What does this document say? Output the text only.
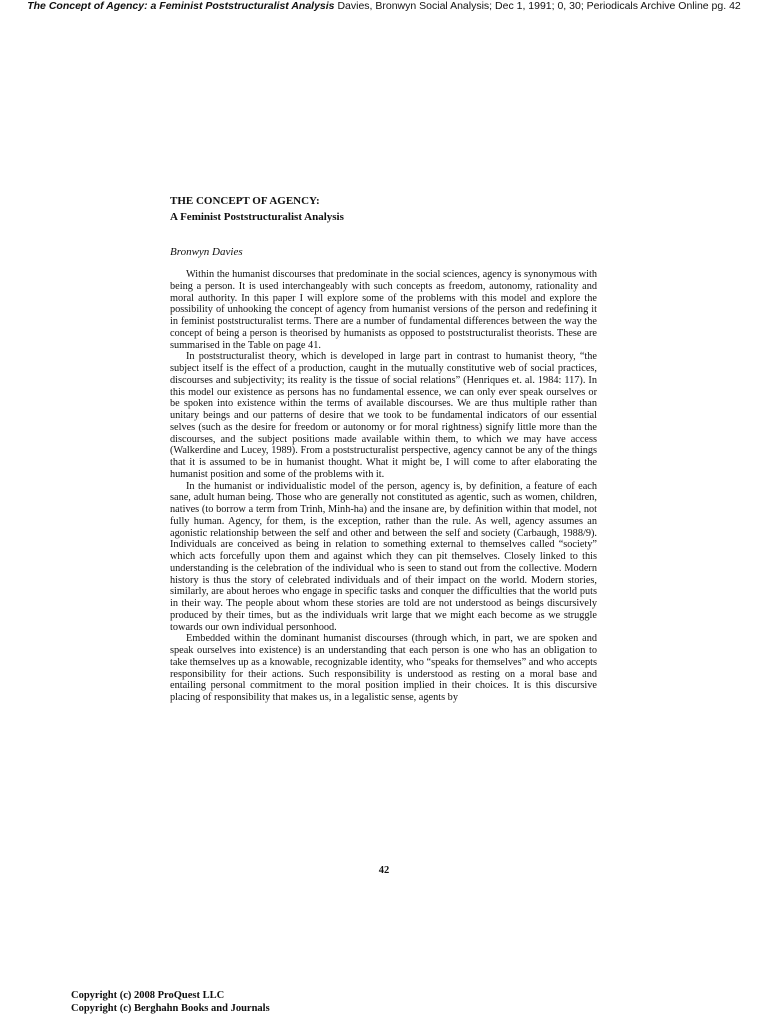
The Concept of Agency: a Feminist Poststructuralist Analysis Davies, Bronwyn Social Analysis; Dec 1, 1991; 0, 30; Periodicals Archive Online pg. 42
THE CONCEPT OF AGENCY:
A Feminist Poststructuralist Analysis
Bronwyn Davies

Within the humanist discourses that predominate in the social sciences, agency is synonymous with being a person. It is used interchangeably with such concepts as freedom, autonomy, rationality and moral authority. In this paper I will explore some of the problems with this model and explore the possibility of unhooking the concept of agency from humanist versions of the person and redefining it in feminist poststructuralist terms. There are a number of fundamental differences between the way the concept of being a person is theorised by humanists as opposed to poststructuralist theorists. These are summarised in the Table on page 41.

In poststructuralist theory, which is developed in large part in contrast to humanist theory, “the subject itself is the effect of a production, caught in the mutually constitutive web of social practices, discourses and subjectivity; its reality is the tissue of social relations” (Henriques et. al. 1984: 117). In this model our existence as persons has no fundamental essence, we can only ever speak ourselves or be spoken into existence within the terms of available discourses. We are thus multiple rather than unitary beings and our patterns of desire that we took to be fundamental indicators of our essential selves (such as the desire for freedom or autonomy or for moral rightness) signify little more than the discourses, and the subject positions made available within them, to which we may have access (Walkerdine and Lucey, 1989). From a poststructuralist perspective, agency cannot be any of the things that it is assumed to be in humanist thought. What it might be, I will come to after elaborating the humanist position and some of the problems with it.

In the humanist or individualistic model of the person, agency is, by definition, a feature of each sane, adult human being. Those who are generally not constituted as agentic, such as women, children, natives (to borrow a term from Trinh, Minh-ha) and the insane are, by definition within that model, not fully human. Agency, for them, is the exception, rather than the rule. As well, agency assumes an agonistic relationship between the self and other and between the self and society (Carbaugh, 1988/9). Individuals are conceived as being in relation to something external to themselves called “society” which acts forcefully upon them and against which they can pit themselves. Closely linked to this understanding is the celebration of the individual who is seen to stand out from the collective. Modern history is thus the story of celebrated individuals and of their impact on the world. Modern stories, similarly, are about heroes who engage in specific tasks and conquer the difficulties that the world puts in their way. The people about whom these stories are told are not understood as beings discursively produced by their times, but as the individuals writ large that we might each become as we struggle towards our own individual personhood.

Embedded within the dominant humanist discourses (through which, in part, we are spoken and speak ourselves into existence) is an understanding that each person is one who has an obligation to take themselves up as a knowable, recognizable identity, who “speaks for themselves” and who accepts responsibility for their actions. Such responsibility is understood as resting on a moral base and entailing personal commitment to the moral position implied in their choices. It is this discursive placing of responsibility that makes us, in a legalistic sense, agents by

42
Copyright (c) 2008 ProQuest LLC
Copyright (c) Berghahn Books and Journals
